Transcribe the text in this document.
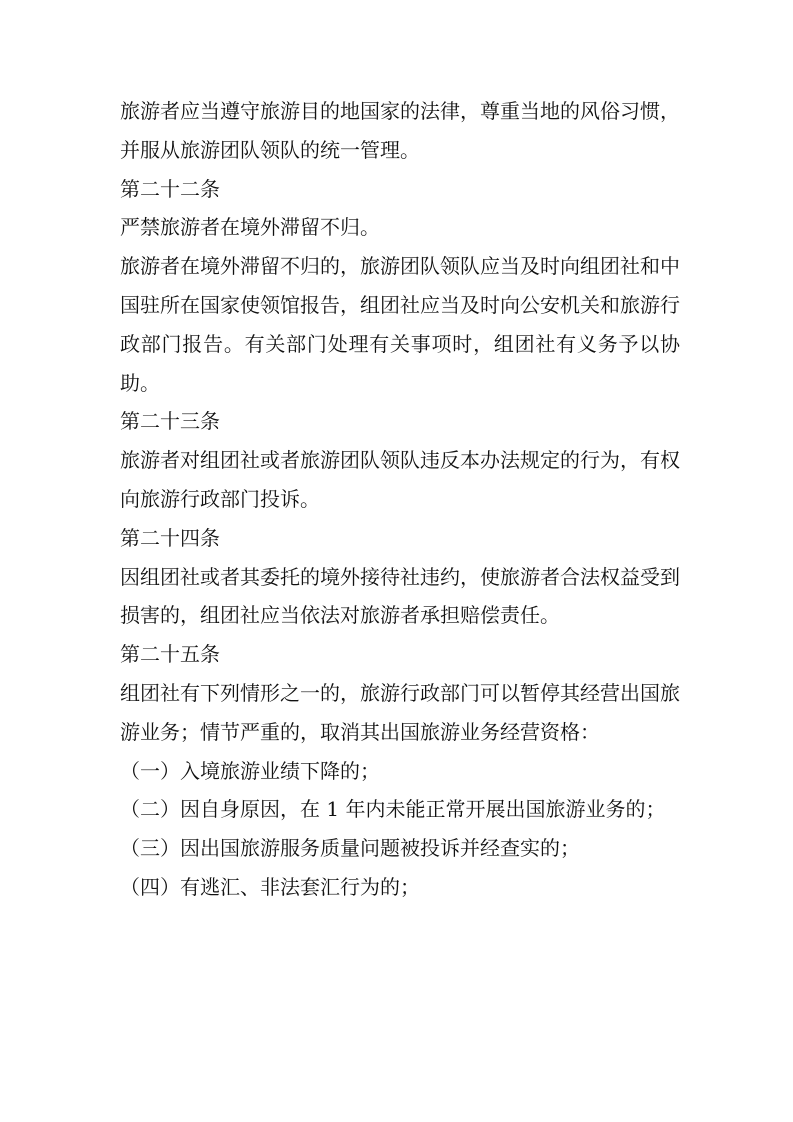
旅游者应当遵守旅游目的地国家的法律，尊重当地的风俗习惯，并服从旅游团队领队的统一管理。

第二十二条

严禁旅游者在境外滞留不归。

旅游者在境外滞留不归的，旅游团队领队应当及时向组团社和中国驻所在国家使领馆报告，组团社应当及时向公安机关和旅游行政部门报告。有关部门处理有关事项时，组团社有义务予以协助。

第二十三条

旅游者对组团社或者旅游团队领队违反本办法规定的行为，有权向旅游行政部门投诉。

第二十四条

因组团社或者其委托的境外接待社违约，使旅游者合法权益受到损害的，组团社应当依法对旅游者承担赔偿责任。

第二十五条

组团社有下列情形之一的，旅游行政部门可以暂停其经营出国旅游业务；情节严重的，取消其出国旅游业务经营资格：

（一）入境旅游业绩下降的；

（二）因自身原因，在 1 年内未能正常开展出国旅游业务的；

（三）因出国旅游服务质量问题被投诉并经查实的；

（四）有逃汇、非法套汇行为的；
